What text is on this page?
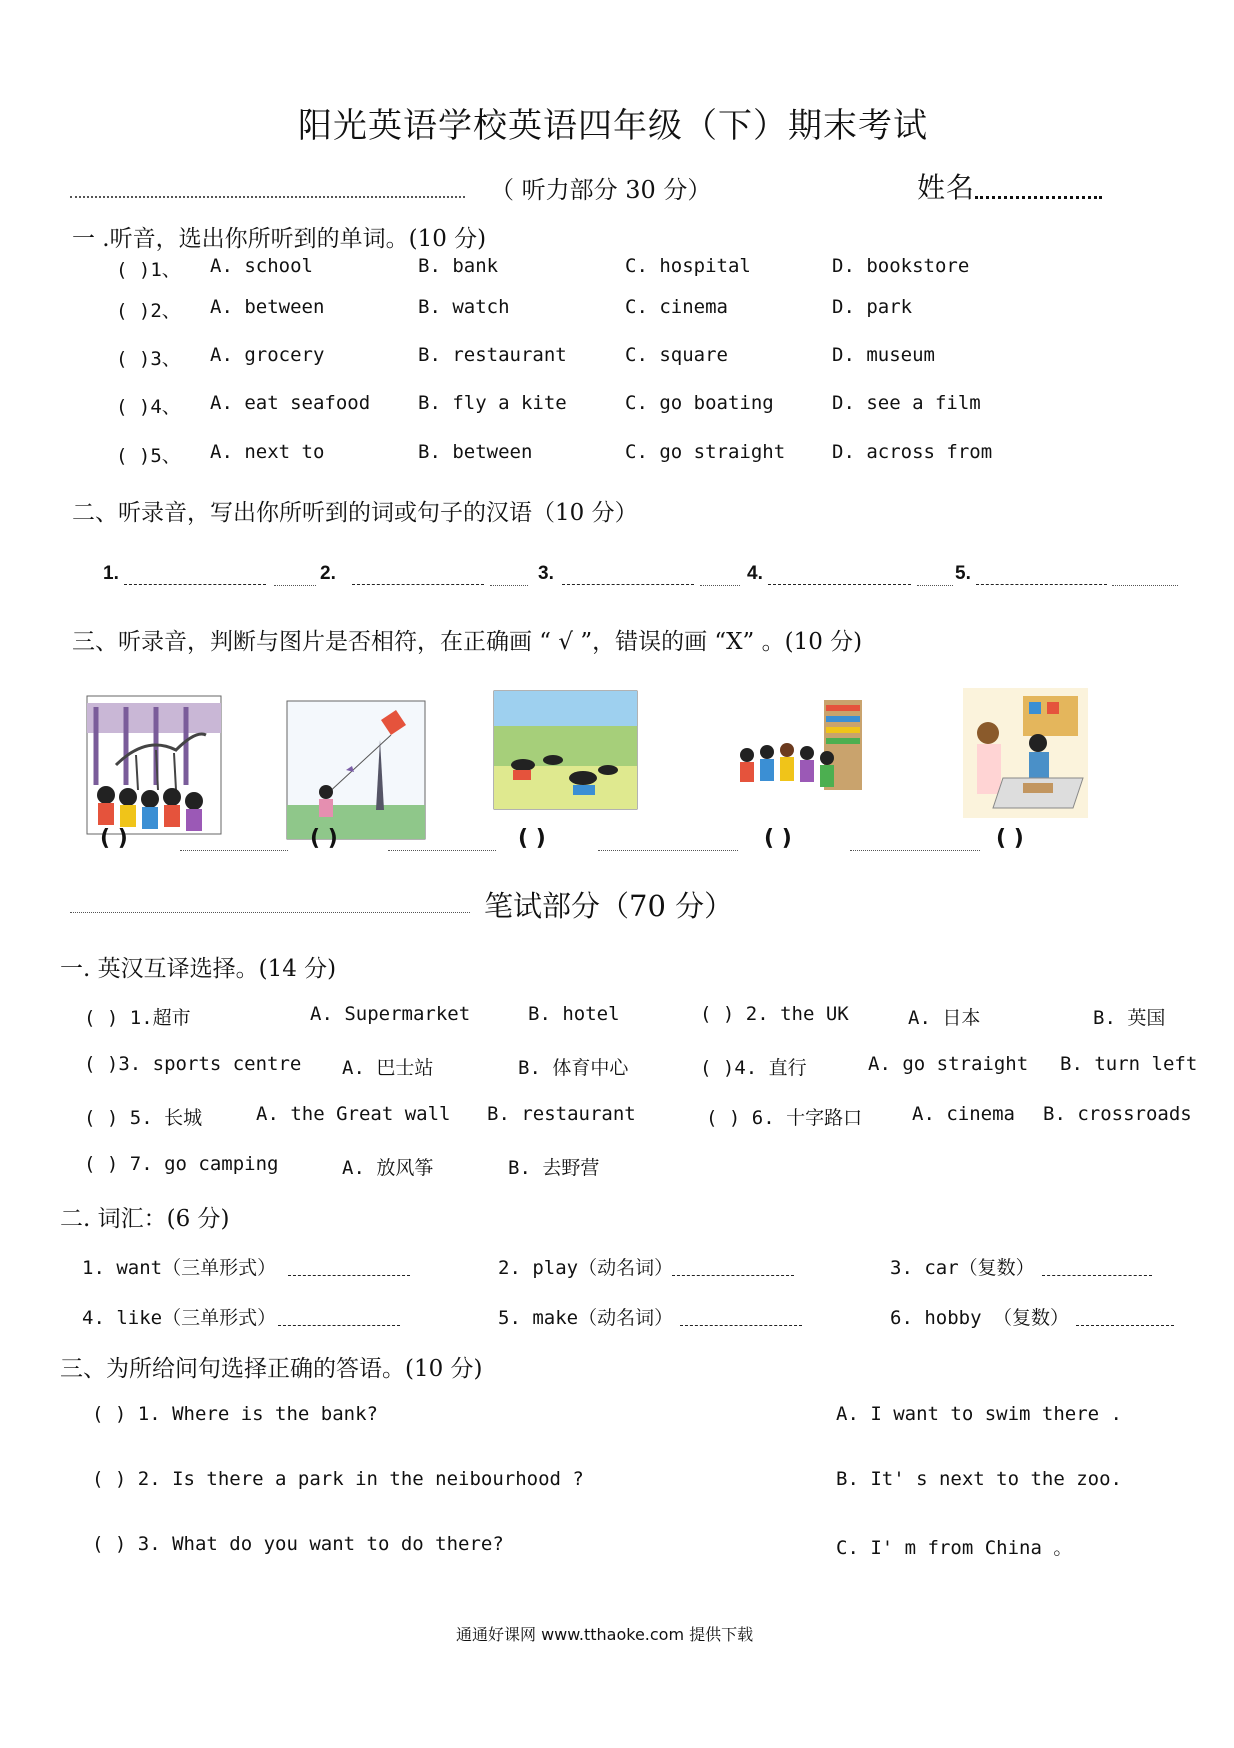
阳光英语学校英语四年级（下）期末考试
（ 听力部分 30 分）	姓名
一 .听音，选出你所听到的单词。(10 分)
( )1、 A. school	B. bank	C. hospital	D. bookstore
( )2、 A. between	B. watch	C. cinema	D. park
( )3、 A. grocery	B. restaurant	C. square	D. museum
( )4、 A. eat seafood	B. fly a kite	C. go boating	D. see a film
( )5、 A. next to	B. between	C. go straight D. across from
二、听录音，写出你所听到的词或句子的汉语（10 分）
1.	2.	3.	4.	5.
三、听录音，判断与图片是否相符，在正确画 “ √ ”，错误的画 “X” 。(10 分)
( )	( )	( )	( )	( )
笔试部分（70 分）
一. 英汉互译选择。(14 分)
( ) 1.超市	A. Supermarket	B. hotel	( ) 2. the UK	A. 日本	B. 英国
( )3. sports centre A. 巴士站	B. 体育中心	( )4. 直行	A. go straight B. turn left
( ) 5. 长城	A. the Great wall B. restaurant	( ) 6. 十字路口	A. cinema B. crossroads
( ) 7. go camping	A. 放风筝	B. 去野营
二. 词汇：(6 分)
1. want（三单形式）	2. play（动名词）	3. car（复数）
4. like（三单形式）	5. make（动名词）	6. hobby （复数）
三、为所给问句选择正确的答语。(10 分)
( ) 1. Where is the bank?	A. I want to swim there .
( ) 2. Is there a park in the neibourhood ?	B. It' s next to the zoo.
( ) 3. What do you want to do there?	C. I' m from China 。
通通好课网 www.tthaoke.com 提供下载
